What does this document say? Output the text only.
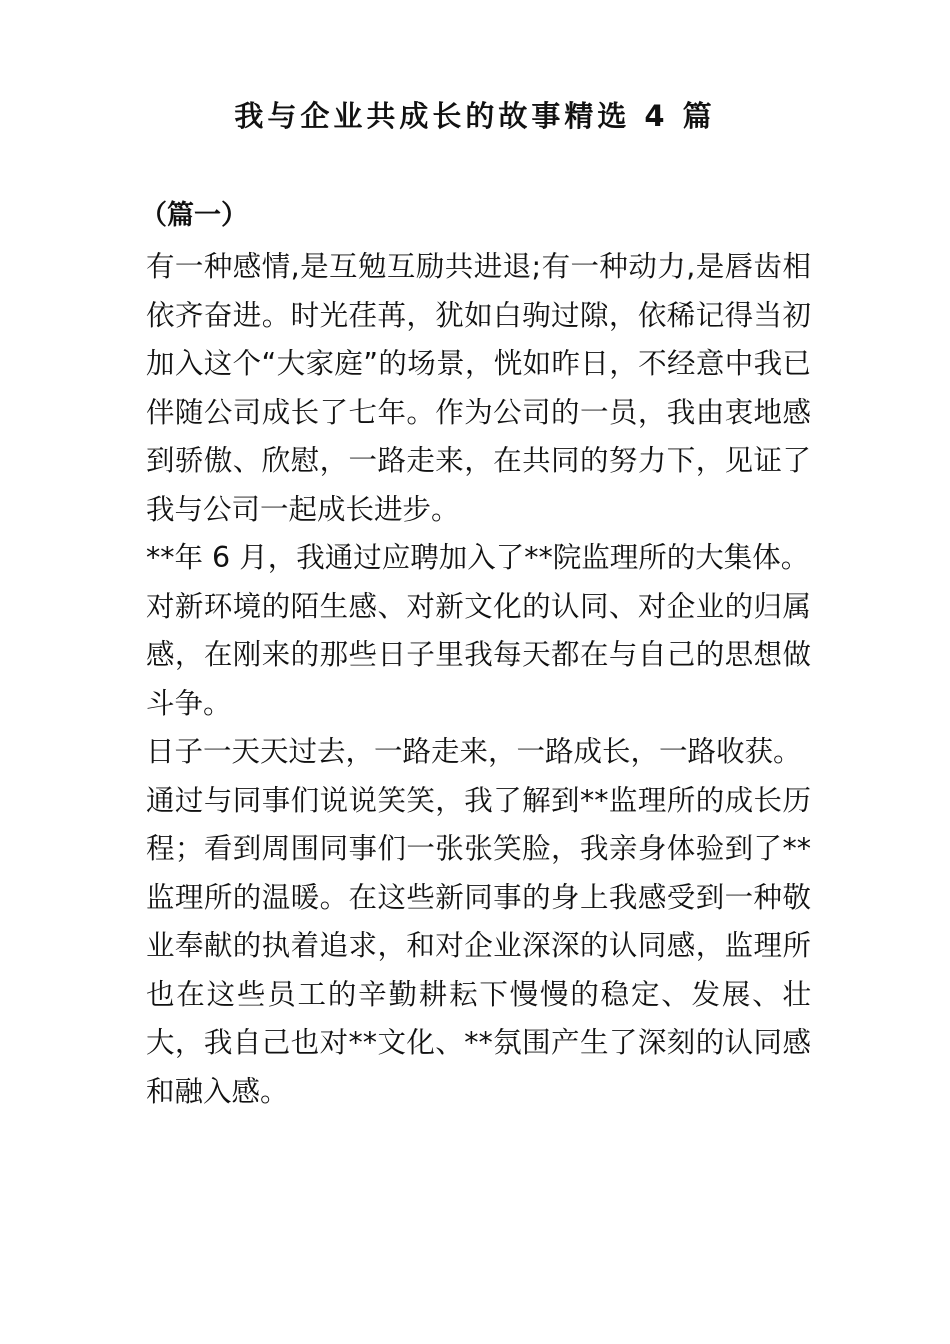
我与企业共成长的故事精选 4 篇
（篇一）

有一种感情,是互勉互励共进退;有一种动力,是唇齿相依齐奋进。时光荏苒，犹如白驹过隙，依稀记得当初加入这个“大家庭”的场景，恍如昨日，不经意中我已伴随公司成长了七年。作为公司的一员，我由衷地感到骄傲、欣慰，一路走来，在共同的努力下，见证了我与公司一起成长进步。

**年 6 月，我通过应聘加入了**院监理所的大集体。

对新环境的陌生感、对新文化的认同、对企业的归属感，在刚来的那些日子里我每天都在与自己的思想做斗争。

日子一天天过去，一路走来，一路成长，一路收获。

通过与同事们说说笑笑，我了解到**监理所的成长历程；看到周围同事们一张张笑脸，我亲身体验到了**监理所的温暖。在这些新同事的身上我感受到一种敬业奉献的执着追求，和对企业深深的认同感，监理所也在这些员工的辛勤耕耘下慢慢的稳定、发展、壮大，我自己也对**文化、**氛围产生了深刻的认同感和融入感。
